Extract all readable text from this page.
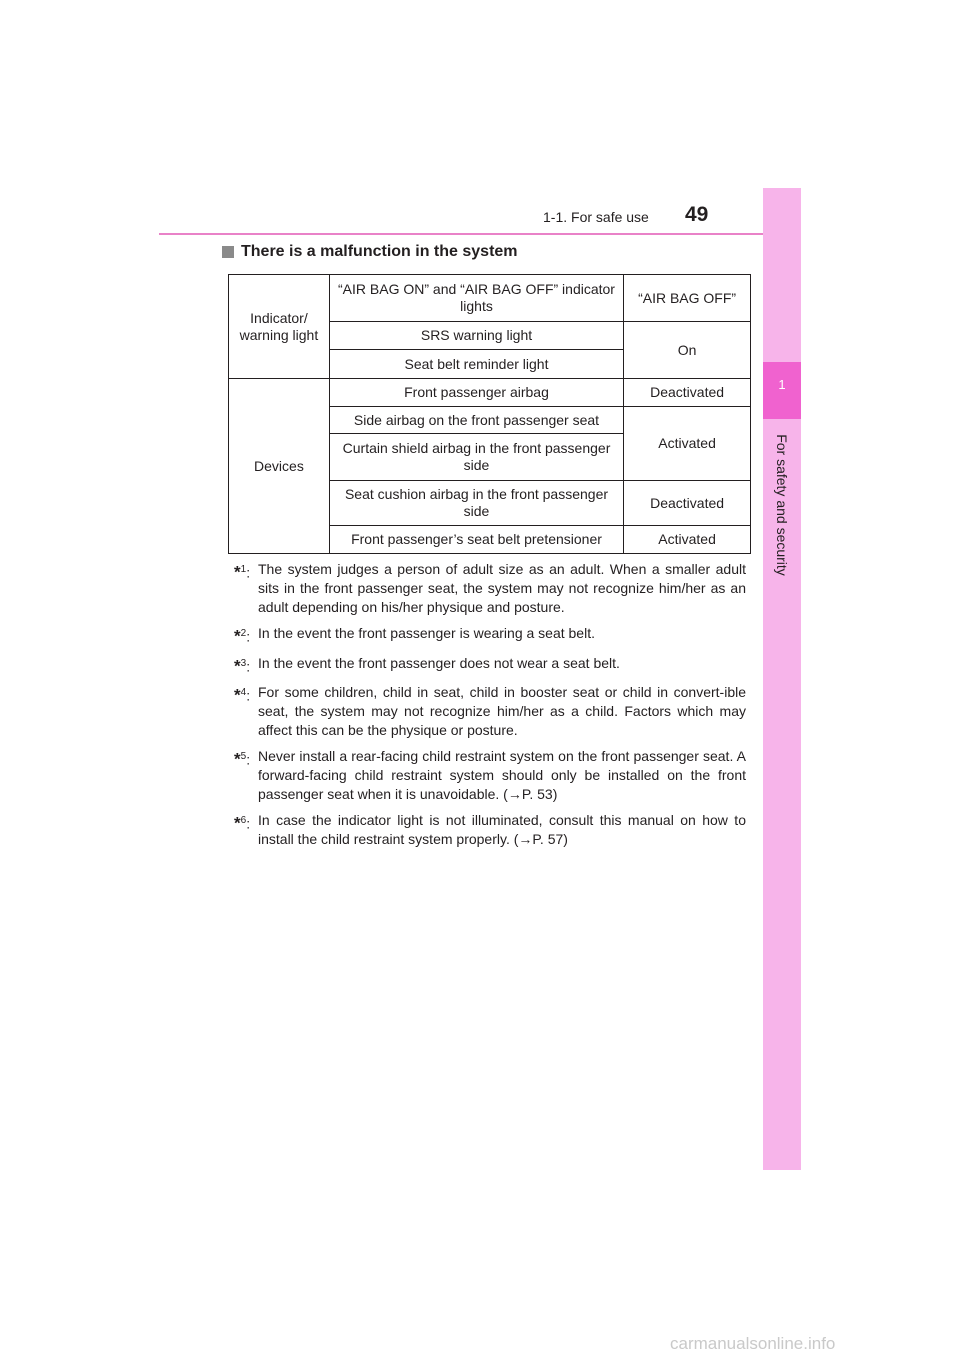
1-1. For safe use 49
1
For safety and security
There is a malfunction in the system
Indicator/ warning light	“AIR BAG ON” and “AIR BAG OFF” indicator lights	“AIR BAG OFF”
	SRS warning light	On
	Seat belt reminder light	
Devices	Front passenger airbag	Deactivated
	Side airbag on the front passenger seat	Activated
	Curtain shield airbag in the front passenger side	
	Seat cushion airbag in the front passenger side	Deactivated
	Front passenger’s seat belt pretensioner	Activated
*$^1$: The system judges a person of adult size as an adult. When a smaller adult sits in the front passenger seat, the system may not recognize him/her as an adult depending on his/her physique and posture.
*$^2$: In the event the front passenger is wearing a seat belt.
*$^3$: In the event the front passenger does not wear a seat belt.
*$^4$: For some children, child in seat, child in booster seat or child in convert-ible seat, the system may not recognize him/her as a child. Factors which may affect this can be the physique or posture.
*$^5$: Never install a rear-facing child restraint system on the front passenger seat. A forward-facing child restraint system should only be installed on the front passenger seat when it is unavoidable. (→P. 53)
*$^6$: In case the indicator light is not illuminated, consult this manual on how to install the child restraint system properly. (→P. 57)
carmanualsonline.info
